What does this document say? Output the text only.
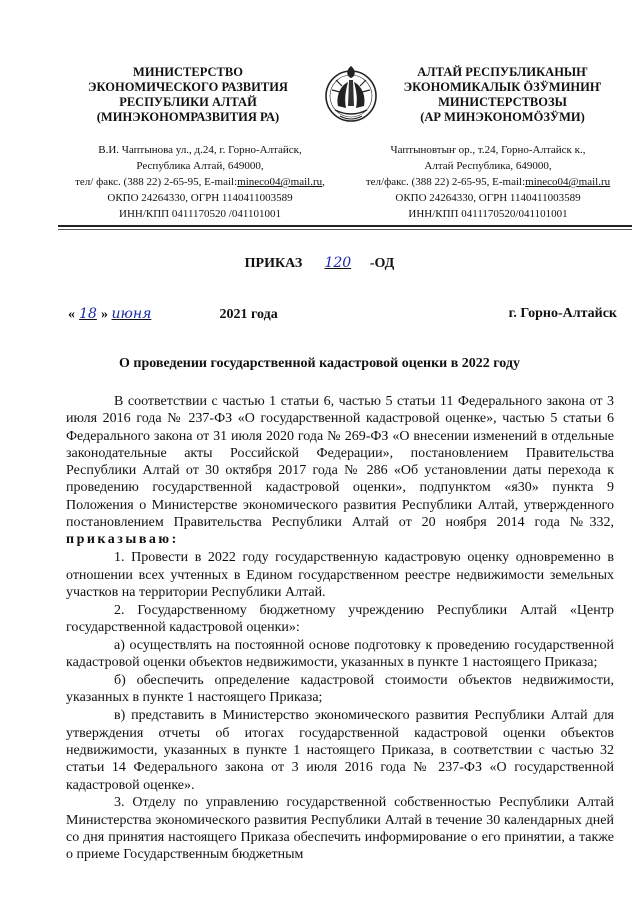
МИНИСТЕРСТВО
ЭКОНОМИЧЕСКОГО РАЗВИТИЯ
РЕСПУБЛИКИ АЛТАЙ
(МИНЭКОНОМРАЗВИТИЯ РА)
АЛТАЙ РЕСПУБЛИКАНЫҤ
ЭКОНОМИКАЛЫК ӦЗӰМИНИҤ
МИНИСТЕРСТВОЗЫ
(АР МИНЭКОНОМӦЗӰМИ)
В.И. Чаптынова ул., д.24, г. Горно-Алтайск,
Республика Алтай, 649000,
тел/ факс. (388 22) 2-65-95, E-mail:mineco04@mail.ru,
ОКПО 24264330, ОГРН 1140411003589
ИНН/КПП 0411170520 /041101001
Чаптыновтыҥ ор., т.24, Горно-Алтайск к.,
Алтай Республика, 649000,
тел/факс. (388 22) 2-65-95, E-mail:mineco04@mail.ru
ОКПО 24264330, ОГРН 1140411003589
ИНН/КПП 0411170520/041101001
ПРИКАЗ 120 -ОД
« 18 » июня	2021 года	г. Горно-Алтайск
О проведении государственной кадастровой оценки в 2022 году

В соответствии с частью 1 статьи 6, частью 5 статьи 11 Федерального закона от 3 июля 2016 года № 237-ФЗ «О государственной кадастровой оценке», частью 5 статьи 6 Федерального закона от 31 июля 2020 года № 269-ФЗ «О внесении изменений в отдельные законодательные акты Российской Федерации», постановлением Правительства Республики Алтай от 30 октября 2017 года № 286 «Об установлении даты перехода к проведению государственной кадастровой оценки», подпунктом «я30» пункта 9 Положения о Министерстве экономического развития Республики Алтай, утвержденного постановлением Правительства Республики Алтай от 20 ноября 2014 года №332, приказываю:

1. Провести в 2022 году государственную кадастровую оценку одновременно в отношении всех учтенных в Едином государственном реестре недвижимости земельных участков на территории Республики Алтай.

2. Государственному бюджетному учреждению Республики Алтай «Центр государственной кадастровой оценки»:

а) осуществлять на постоянной основе подготовку к проведению государственной кадастровой оценки объектов недвижимости, указанных в пункте 1 настоящего Приказа;

б) обеспечить определение кадастровой стоимости объектов недвижимости, указанных в пункте 1 настоящего Приказа;

в) представить в Министерство экономического развития Республики Алтай для утверждения отчеты об итогах государственной кадастровой оценки объектов недвижимости, указанных в пункте 1 настоящего Приказа, в соответствии с частью 32 статьи 14 Федерального закона от 3 июля 2016 года № 237-ФЗ «О государственной кадастровой оценке».

3. Отделу по управлению государственной собственностью Республики Алтай Министерства экономического развития Республики Алтай в течение 30 календарных дней со дня принятия настоящего Приказа обеспечить информирование о его принятии, а также о приеме Государственным бюджетным
